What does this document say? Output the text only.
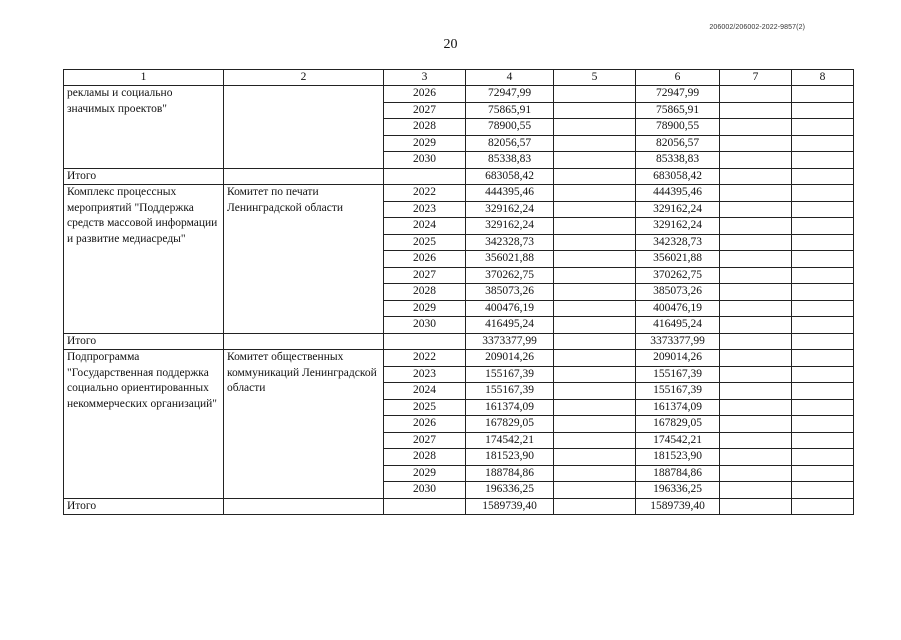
206002/206002-2022-9857(2)
20
1	2	3	4	5	6	7	8
рекламы и социально значимых проектов"		2026	72947,99		72947,99		
		2027	75865,91		75865,91		
		2028	78900,55		78900,55		
		2029	82056,57		82056,57		
		2030	85338,83		85338,83		
Итого			683058,42		683058,42		
Комплекс процессных мероприятий "Поддержка средств массовой информации и развитие медиасреды"	Комитет по печати Ленинградской области	2022	444395,46		444395,46		
		2023	329162,24		329162,24		
		2024	329162,24		329162,24		
		2025	342328,73		342328,73		
		2026	356021,88		356021,88		
		2027	370262,75		370262,75		
		2028	385073,26		385073,26		
		2029	400476,19		400476,19		
		2030	416495,24		416495,24		
Итого			3373377,99		3373377,99		
Подпрограмма "Государственная поддержка социально ориентированных некоммерческих организаций"	Комитет общественных коммуникаций Ленинградской области	2022	209014,26		209014,26		
		2023	155167,39		155167,39		
		2024	155167,39		155167,39		
		2025	161374,09		161374,09		
		2026	167829,05		167829,05		
		2027	174542,21		174542,21		
		2028	181523,90		181523,90		
		2029	188784,86		188784,86		
		2030	196336,25		196336,25		
Итого			1589739,40		1589739,40		
